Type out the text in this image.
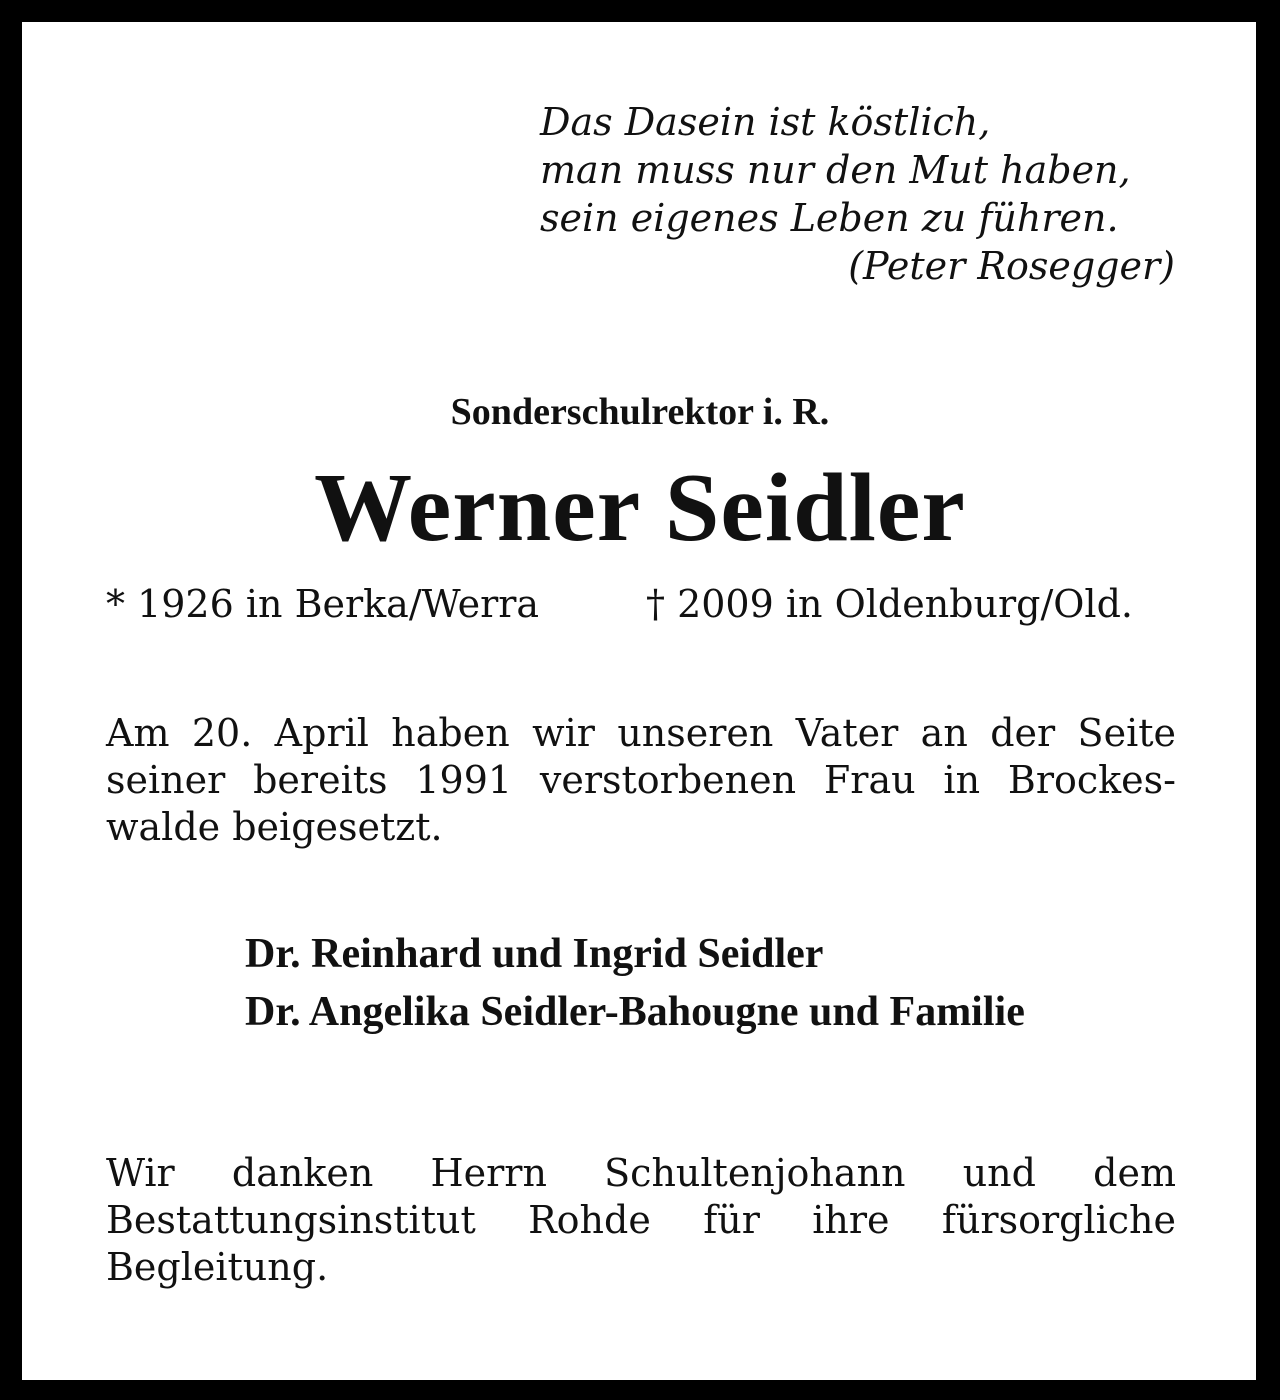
Das Dasein ist köstlich,

man muss nur den Mut haben,

sein eigenes Leben zu führen.

(Peter Rosegger)

Sonderschulrektor i. R.

Werner Seidler

* 1926 in Berka/Werra	† 2009 in Oldenburg/Old.

Am 20. April haben wir unseren Vater an der Seite

seiner bereits 1991 verstorbenen Frau in Brockes-

walde beigesetzt.

Dr. Reinhard und Ingrid Seidler

Dr. Angelika Seidler-Bahougne und Familie

Wir danken Herrn Schultenjohann und dem

Bestattungsinstitut Rohde für ihre fürsorgliche

Begleitung.
